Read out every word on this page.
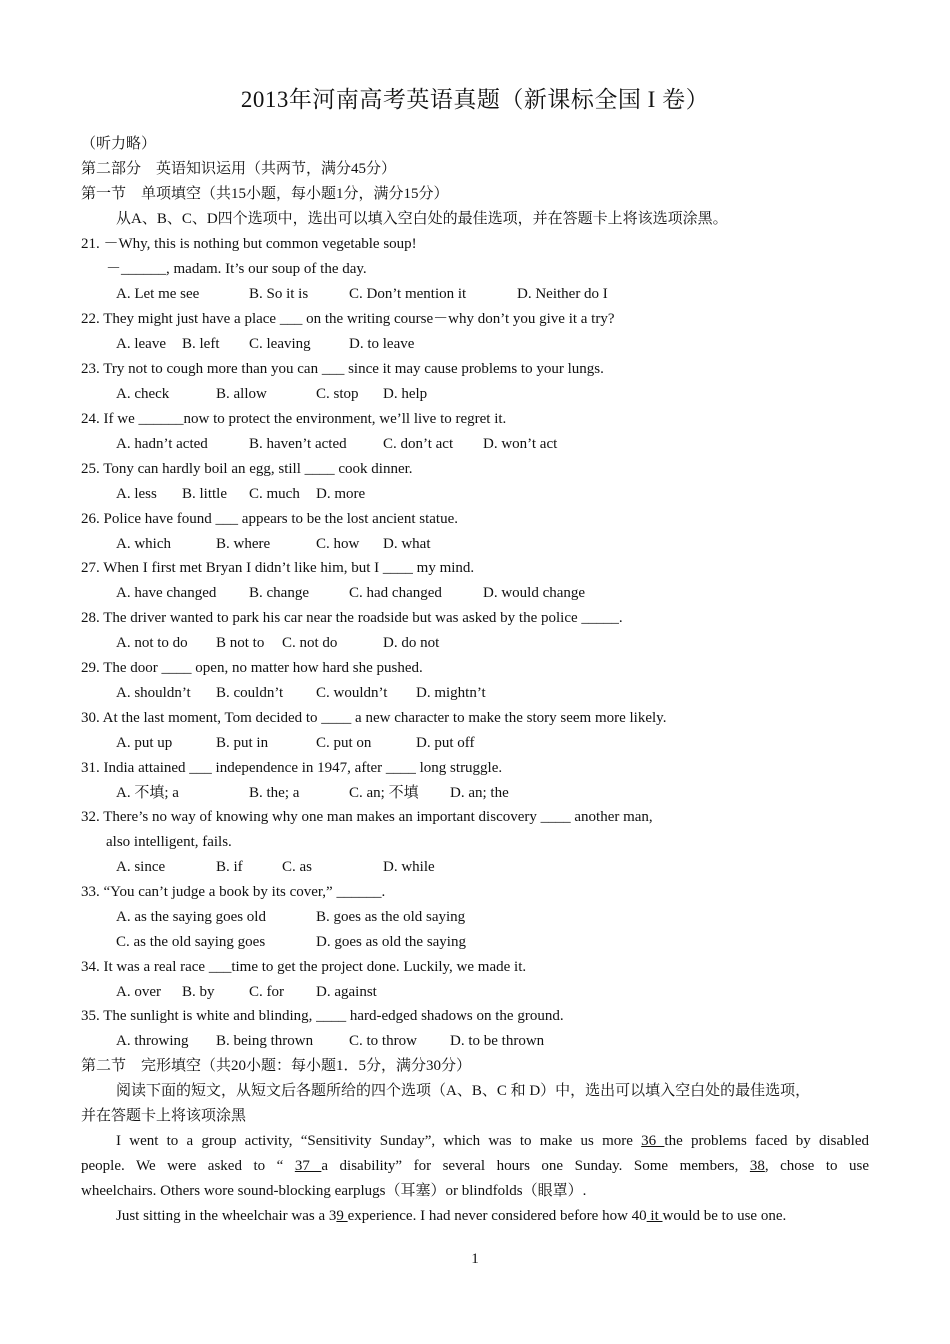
2013年河南高考英语真题（新课标全国 I 卷）
（听力略）
第二部分　英语知识运用（共两节，满分45分）
第一节　单项填空（共15小题，每小题1分，满分15分）
从A、B、C、D四个选项中，选出可以填入空白处的最佳选项，并在答题卡上将该选项涂黑。
21. －Why, this is nothing but common vegetable soup!
－______, madam. It’s our soup of the day.
A. Let me see	B. So it is	C. Don’t mention it	D. Neither do I
22. They might just have a place ___ on the writing course－why don’t you give it a try?
A. leave B. left C. leaving	D. to leave
23. Try not to cough more than you can ___ since it may cause problems to your lungs.
A. check	B. allow	C. stop D. help
24. If we ______now to protect the environment, we’ll live to regret it.
A. hadn’t acted	B. haven’t acted C. don’t act D. won’t act
25. Tony can hardly boil an egg, still ____ cook dinner.
A. less B. little C. much D. more
26. Police have found ___ appears to be the lost ancient statue.
A. which	B. where	C. how D. what
27. When I first met Bryan I didn’t like him, but I ____ my mind.
A. have changed B. change	C. had changed	D. would change
28. The driver wanted to park his car near the roadside but was asked by the police _____.
A. not to do B not to C. not do	D. do not
29. The door ____ open, no matter how hard she pushed.
A. shouldn’t B. couldn’t C. wouldn’t D. mightn’t
30. At the last moment, Tom decided to ____ a new character to make the story seem more likely.
A. put up	B. put in	C. put on	D. put off
31. India attained ___ independence in 1947, after ____ long struggle.
A. 不填; a	B. the; a	C. an; 不填 D. an; the
32. There’s no way of knowing why one man makes an important discovery ____ another man,
also intelligent, fails.
A. since	B. if	C. as	D. while
33. “You can’t judge a book by its cover,” ______.
A. as the saying goes old	B. goes as the old saying
C. as the old saying goes	D. goes as old the saying
34. It was a real race ___time to get the project done. Luckily, we made it.
A. over B. by C. for D. against
35. The sunlight is white and blinding, ____ hard-edged shadows on the ground.
A. throwing B. being thrown C. to throw D. to be thrown
第二节　完形填空（共20小题：每小题1．5分，满分30分）
阅读下面的短文，从短文后各题所给的四个选项（A、B、C 和 D）中，选出可以填入空白处的最佳选项，
并在答题卡上将该项涂黑
I went to a group activity, “Sensitivity Sunday”, which was to make us more 36 the problems faced by disabled
people. We were asked to “ 37 a disability” for several hours one Sunday. Some members, 38, chose to use
wheelchairs. Others wore sound-blocking earplugs（耳塞）or blindfolds（眼罩）.
Just sitting in the wheelchair was a 39 experience. I had never considered before how 40 it would be to use one.
1
